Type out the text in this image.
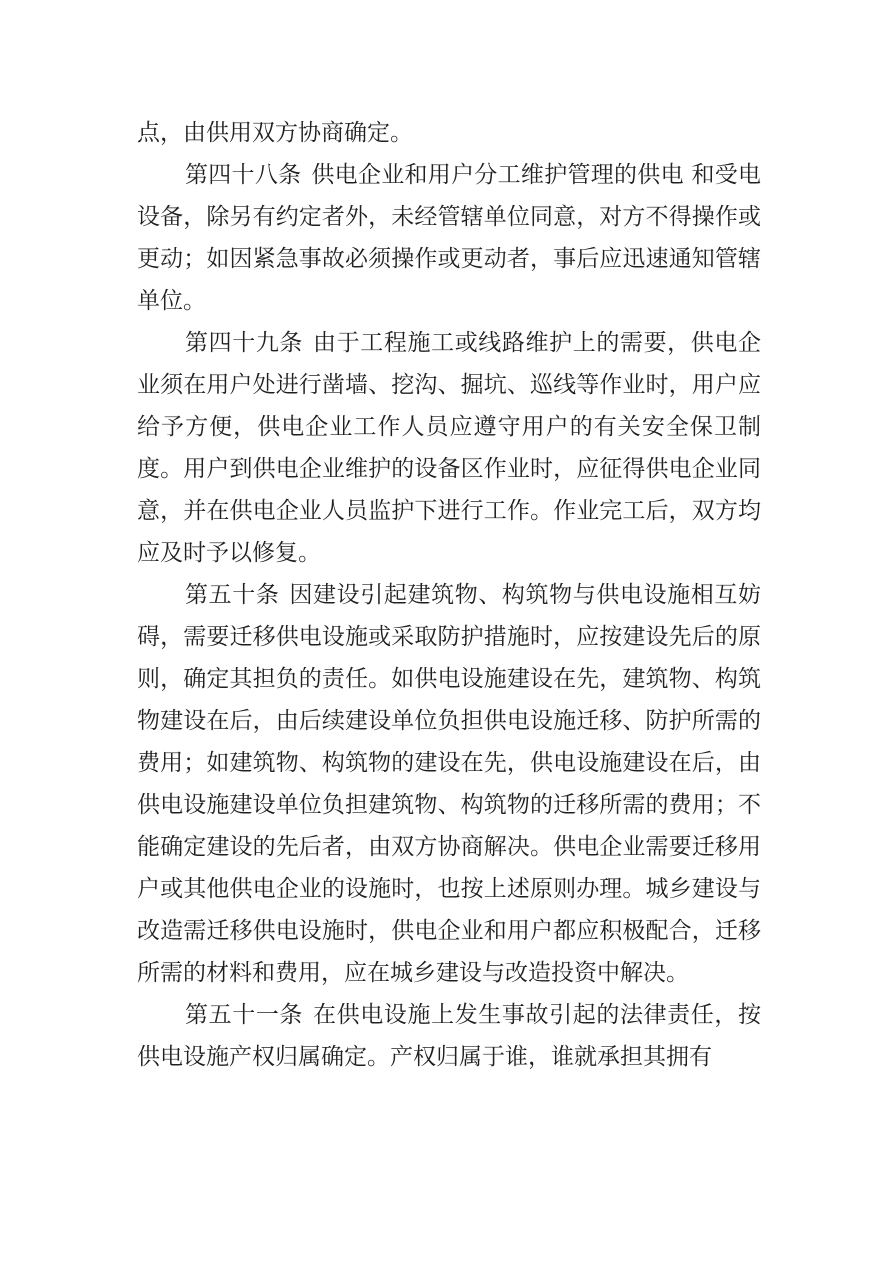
点，由供用双方协商确定。

第四十八条 供电企业和用户分工维护管理的供电 和受电设备，除另有约定者外，未经管辖单位同意，对方不得操作或更动；如因紧急事故必须操作或更动者，事后应迅速通知管辖单位。

第四十九条 由于工程施工或线路维护上的需要，供电企业须在用户处进行凿墙、挖沟、掘坑、巡线等作业时，用户应给予方便，供电企业工作人员应遵守用户的有关安全保卫制度。用户到供电企业维护的设备区作业时，应征得供电企业同意，并在供电企业人员监护下进行工作。作业完工后，双方均应及时予以修复。

第五十条 因建设引起建筑物、构筑物与供电设施相互妨碍，需要迁移供电设施或采取防护措施时，应按建设先后的原则，确定其担负的责任。如供电设施建设在先，建筑物、构筑物建设在后，由后续建设单位负担供电设施迁移、防护所需的费用；如建筑物、构筑物的建设在先，供电设施建设在后，由供电设施建设单位负担建筑物、构筑物的迁移所需的费用；不能确定建设的先后者，由双方协商解决。供电企业需要迁移用户或其他供电企业的设施时，也按上述原则办理。城乡建设与改造需迁移供电设施时，供电企业和用户都应积极配合，迁移所需的材料和费用，应在城乡建设与改造投资中解决。

第五十一条 在供电设施上发生事故引起的法律责任，按供电设施产权归属确定。产权归属于谁，谁就承担其拥有
